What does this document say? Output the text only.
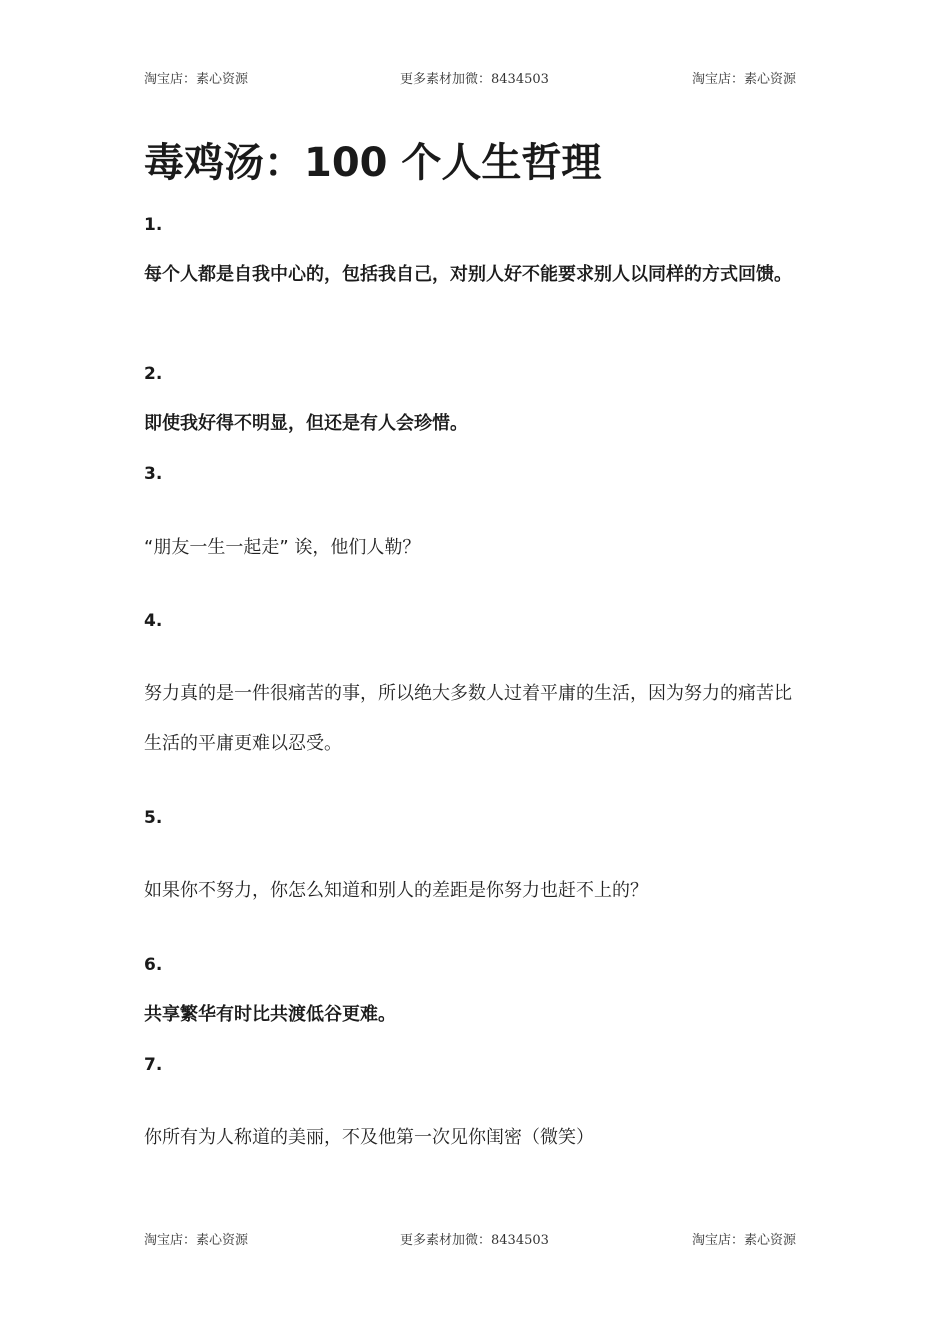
淘宝店：素心资源	更多素材加微：8434503	淘宝店：素心资源
毒鸡汤：100 个人生哲理
1.

每个人都是自我中心的，包括我自己，对别人好不能要求别人以同样的方式回馈。

2.

即使我好得不明显，但还是有人会珍惜。

3.

“朋友一生一起走” 诶，他们人勒？

4.

努力真的是一件很痛苦的事，所以绝大多数人过着平庸的生活，因为努力的痛苦比生活的平庸更难以忍受。

5.

如果你不努力，你怎么知道和别人的差距是你努力也赶不上的？

6.

共享繁华有时比共渡低谷更难。

7.

你所有为人称道的美丽，不及他第一次见你闺密（微笑）

淘宝店：素心资源	更多素材加微：8434503	淘宝店：素心资源
